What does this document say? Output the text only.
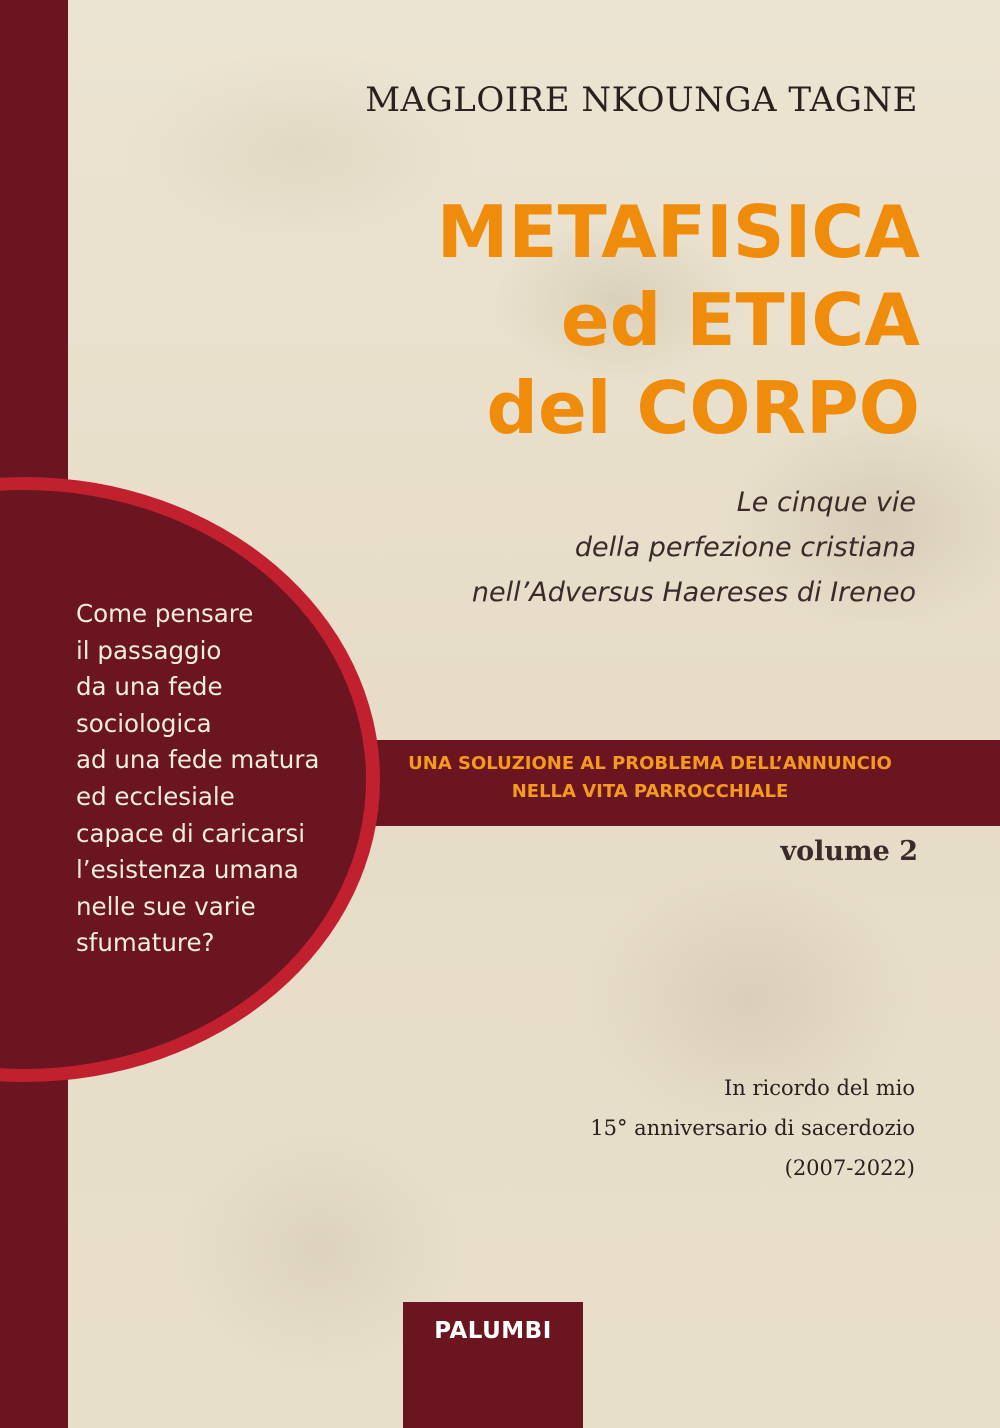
MAGLOIRE NKOUNGA TAGNE

METAFISICA
ed ETICA
del CORPO

Le cinque vie
della perfezione cristiana
nell’Adversus Haereses di Ireneo

Come pensare
il passaggio
da una fede
sociologica
ad una fede matura
ed ecclesiale
capace di caricarsi
l’esistenza umana
nelle sue varie
sfumature?

UNA SOLUZIONE AL PROBLEMA DELL’ANNUNCIO
NELLA VITA PARROCCHIALE

volume 2

In ricordo del mio
15° anniversario di sacerdozio
(2007-2022)

PALUMBI
